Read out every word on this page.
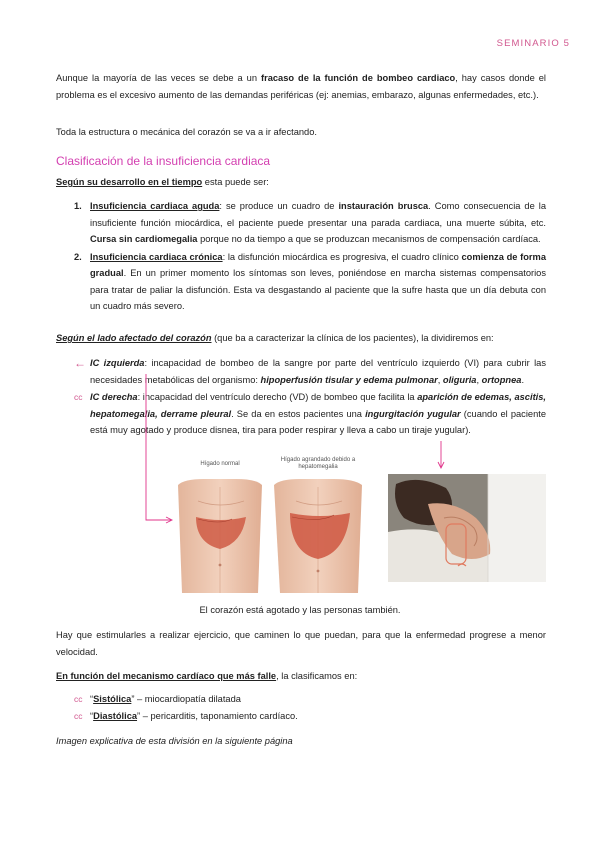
SEMINARIO 5

Aunque la mayoría de las veces se debe a un fracaso de la función de bombeo cardiaco, hay casos donde el problema es el excesivo aumento de las demandas periféricas (ej: anemias, embarazo, algunas enfermedades, etc.).

Toda la estructura o mecánica del corazón se va a ir afectando.

Clasificación de la insuficiencia cardiaca

Según su desarrollo en el tiempo esta puede ser:

1. Insuficiencia cardiaca aguda: se produce un cuadro de instauración brusca. Como consecuencia de la insuficiente función miocárdica, el paciente puede presentar una parada cardiaca, una muerte súbita, etc. Cursa sin cardiomegalia porque no da tiempo a que se produzcan mecanismos de compensación cardíaca.
2. Insuficiencia cardiaca crónica: la disfunción miocárdica es progresiva, el cuadro clínico comienza de forma gradual. En un primer momento los síntomas son leves, poniéndose en marcha sistemas compensatorios para tratar de paliar la disfunción. Esta va desgastando al paciente que la sufre hasta que un día debuta con un cuadro más severo.

Según el lado afectado del corazón (que ba a caracterizar la clínica de los pacientes), la dividiremos en:

← IC izquierda: incapacidad de bombeo de la sangre por parte del ventrículo izquierdo (VI) para cubrir las necesidades metabólicas del organismo: hipoperfusión tisular y edema pulmonar, oliguria, ortopnea.
cc IC derecha: incapacidad del ventrículo derecho (VD) de bombeo que facilita la aparición de edemas, ascitis, hepatomegalia, derrame pleural. Se da en estos pacientes una ingurgitación yugular (cuando el paciente está muy agotado y produce disnea, tira para poder respirar y lleva a cabo un tiraje yugular).
Hígado normal
Hígado agrandado debido a hepatomegalia
El corazón está agotado y las personas también.

Hay que estimularles a realizar ejercicio, que caminen lo que puedan, para que la enfermedad progrese a menor velocidad.

En función del mecanismo cardíaco que más falle, la clasificamos en:

cc “Sistólica” – miocardiopatía dilatada
cc “Diastólica” – pericarditis, taponamiento cardíaco.

Imagen explicativa de esta división en la siguiente página
